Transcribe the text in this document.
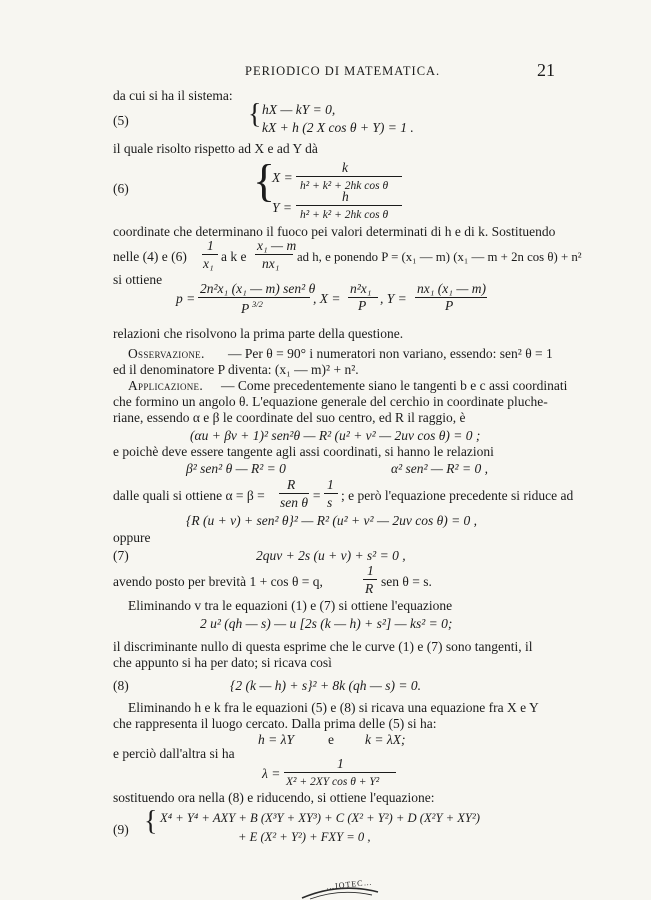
PERIODICO DI MATEMATICA.	21
da cui si ha il sistema:
(5)	{ hX — kY = 0,
kX + h (2 X cos θ + Y) = 1 .
il quale risolto rispetto ad X e ad Y dà
(6)	{
X =
k
h² + k² + 2hk cos θ
Y =
h
h² + k² + 2hk cos θ
coordinate che determinano il fuoco pei valori determinati di h e di k. Sostituendo
nelle (4) e (6)
1
x₁ a k e
x₁ — m
nx₁ ad h, e ponendo P = (x₁ — m) (x₁ — m + 2n cos θ) + n²
si ottiene
p =
2n²x₁ (x₁ — m) sen² θ
P 3/2	, X =
n²x₁
P , Y =
nx₁ (x₁ — m)
P
relazioni che risolvono la prima parte della questione.
Osservazione. — Per θ = 90° i numeratori non variano, essendo: sen² θ = 1
ed il denominatore P diventa: (x₁ — m)² + n².
Applicazione. — Come precedentemente siano le tangenti b e c assi coordinati
che formino un angolo θ. L'equazione generale del cerchio in coordinate pluche-
riane, essendo α e β le coordinate del suo centro, ed R il raggio, è
(αu + βv + 1)² sen²θ — R² (u² + v² — 2uv cos θ) = 0 ;
e poichè deve essere tangente agli assi coordinati, si hanno le relazioni
β² sen² θ — R² = 0	α² sen² — R² = 0 ,
dalle quali si ottiene α = β =
R
sen θ =
1
s ; e però l'equazione precedente si riduce ad
{R (u + v) + sen² θ}² — R² (u² + v² — 2uv cos θ) = 0 ,
oppure
(7)	2quv + 2s (u + v) + s² = 0 ,
avendo posto per brevità 1 + cos θ = q,
1
R sen θ = s.
Eliminando v tra le equazioni (1) e (7) si ottiene l'equazione
2 u² (qh — s) — u [2s (k — h) + s²] — ks² = 0;
il discriminante nullo di questa esprime che le curve (1) e (7) sono tangenti, il
che appunto si ha per dato; si ricava così
(8)	{2 (k — h) + s}² + 8k (qh — s) = 0.
Eliminando h e k fra le equazioni (5) e (8) si ricava una equazione fra X e Y
che rappresenta il luogo cercato. Dalla prima delle (5) si ha:
h = λY	e k = λX;
e perciò dall'altra si ha
λ =
1
X² + 2XY cos θ + Y²
sostituendo ora nella (8) e riducendo, si ottiene l'equazione:
(9) { X⁴ + Y⁴ + AXY + B (X³Y + XY³) + C (X² + Y²) + D (X²Y + XY²)
+ E (X² + Y²) + FXY = 0 ,
…IOTEC…
